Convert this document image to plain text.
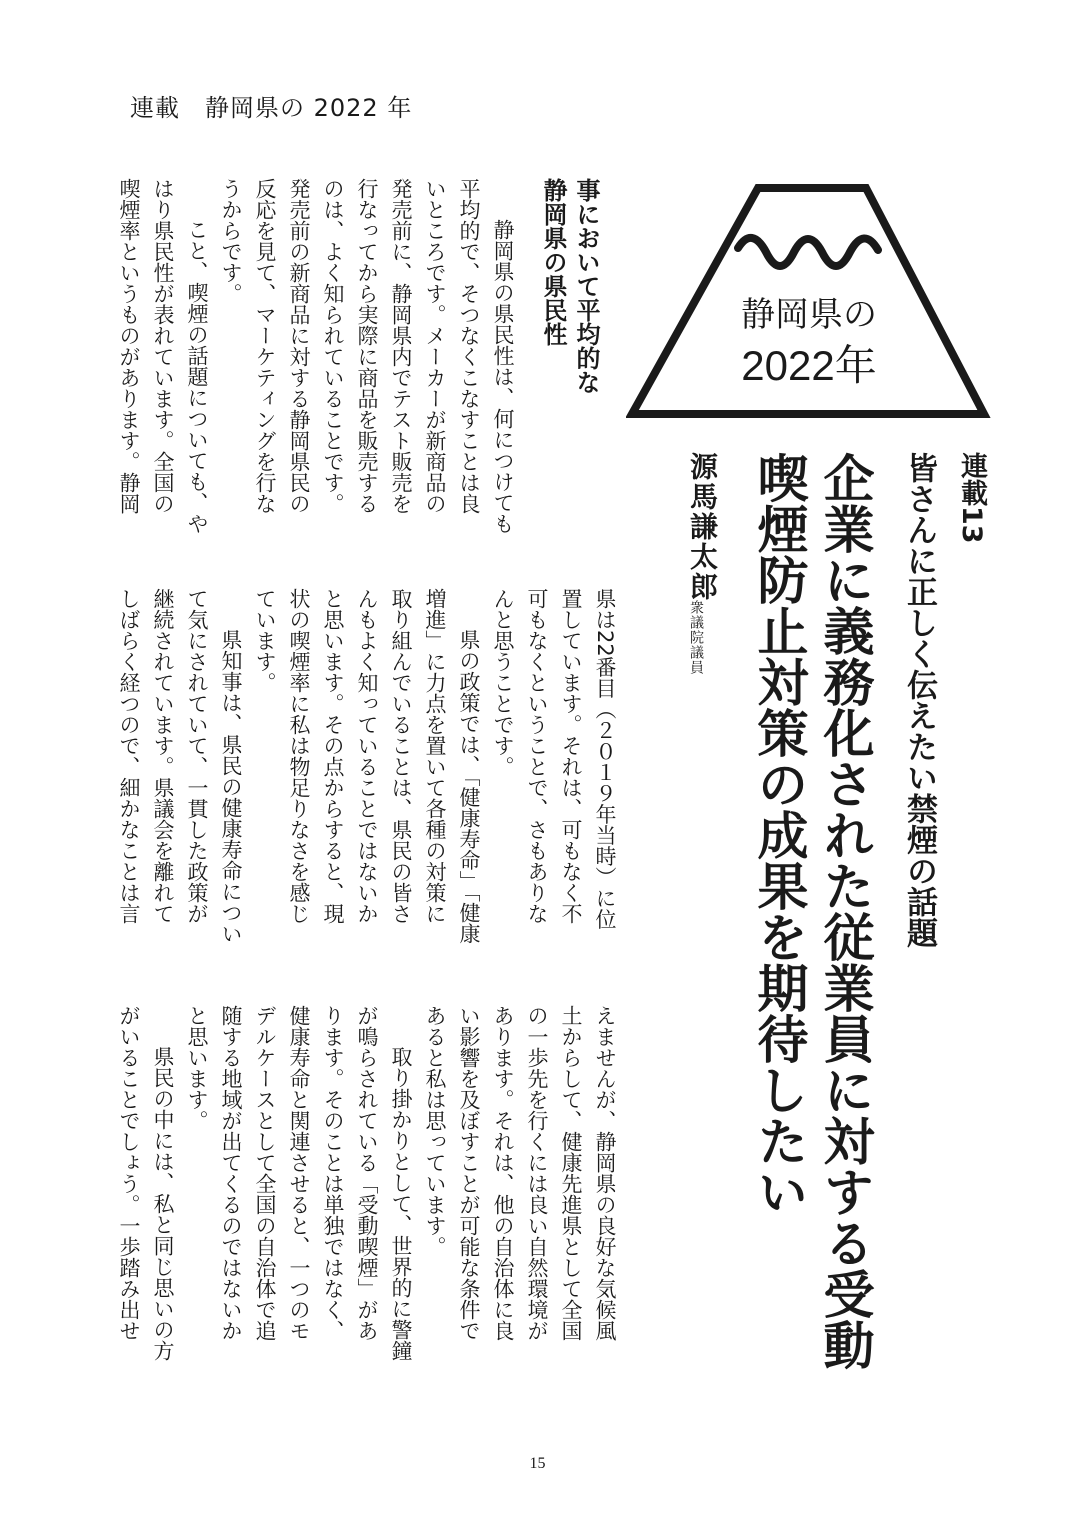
連載　静岡県の 2022 年
静岡県の
2022年
連載13
皆さんに正しく伝えたい禁煙の話題
企業に義務化された従業員に対する受動
喫煙防止対策の成果を期待したい
源馬謙太郎
衆議院議員
事において平均的な
静岡県の県民性
　静岡県の県民性は、何につけても
平均的で、そつなくこなすことは良
いところです。メーカーが新商品の
発売前に、静岡県内でテスト販売を
行なってから実際に商品を販売する
のは、よく知られていることです。
発売前の新商品に対する静岡県民の
反応を見て、マーケティングを行な
うからです。
　こと、喫煙の話題についても、や
はり県民性が表れています。全国の
喫煙率というものがあります。静岡
県は22番目（２０１９年当時）に位
置しています。それは、可もなく不
可もなくということで、さもありな
んと思うことです。
　県の政策では、「健康寿命」「健康
増進」に力点を置いて各種の対策に
取り組んでいることは、県民の皆さ
んもよく知っていることではないか
と思います。その点からすると、現
状の喫煙率に私は物足りなさを感じ
ています。
　県知事は、県民の健康寿命につい
て気にされていて、一貫した政策が
継続されています。県議会を離れて
しばらく経つので、細かなことは言
えませんが、静岡県の良好な気候風
土からして、健康先進県として全国
の一歩先を行くには良い自然環境が
あります。それは、他の自治体に良
い影響を及ぼすことが可能な条件で
あると私は思っています。
　取り掛かりとして、世界的に警鐘
が鳴らされている「受動喫煙」があ
ります。そのことは単独ではなく、
健康寿命と関連させると、一つのモ
デルケースとして全国の自治体で追
随する地域が出てくるのではないか
と思います。
　県民の中には、私と同じ思いの方
がいることでしょう。一歩踏み出せ
15
